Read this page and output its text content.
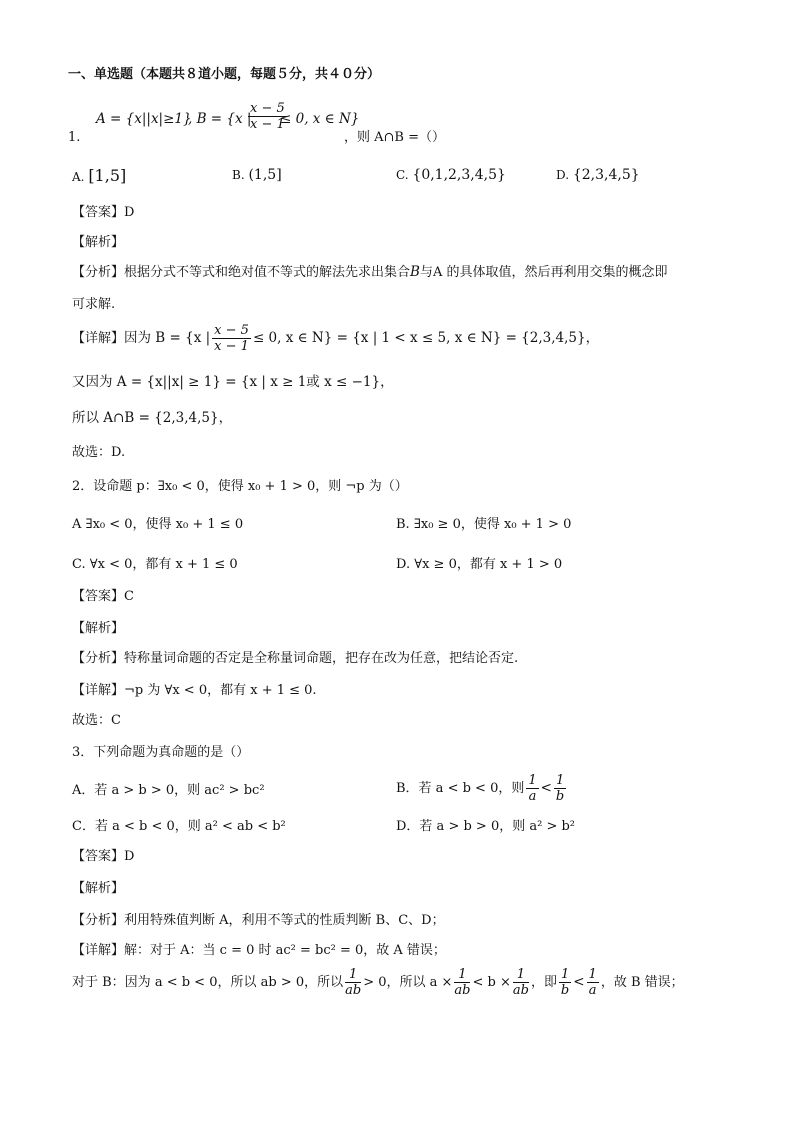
一、单选题（本题共８道小题，每题５分，共４０分）
A = {x||x|≥1}
, B = {x |
$\frac{x - 5}{x - 1}$
≤ 0, x ∈ N}
1.	，则 A∩B =（）
A. [1,5]	B. (1,5]	C. {0,1,2,3,4,5}	D. {2,3,4,5}
【答案】D
【解析】
【分析】根据分式不等式和绝对值不等式的解法先求出集合B与A 的具体取值，然后再利用交集的概念即
可求解.
【详解】因为 B = {x | $\frac{x - 5}{x - 1} \le 0$, x ∈ N} = {x | 1 < x ≤ 5, x ∈ N} = {2,3,4,5}，
又因为 A = {x||x| ≥ 1} = {x | x ≥ 1或 x ≤ −1}，
所以 A∩B = {2,3,4,5}，
故选：D.
2．设命题 p：∃x₀ < 0，使得 x₀ + 1 > 0，则 ¬p 为（）
A ∃x₀ < 0，使得 x₀ + 1 ≤ 0	B. ∃x₀ ≥ 0，使得 x₀ + 1 > 0
C. ∀x < 0，都有 x + 1 ≤ 0	D. ∀x ≥ 0，都有 x + 1 > 0
【答案】C
【解析】
【分析】特称量词命题的否定是全称量词命题，把存在改为任意，把结论否定.
【详解】¬p 为 ∀x < 0，都有 x + 1 ≤ 0.
故选：C
3．下列命题为真命题的是（）
A．若 a > b > 0，则 ac² > bc²	B．若 a < b < 0，则 $\frac{1}{a} < \frac{1}{b}$
C．若 a < b < 0，则 a² < ab < b²	D．若 a > b > 0，则 a² > b²
【答案】D
【解析】
【分析】利用特殊值判断 A，利用不等式的性质判断 B、C、D；
【详解】解：对于 A：当 c = 0 时 ac² = bc² = 0，故 A 错误；
对于 B：因为 a < b < 0，所以 ab > 0，所以 $\frac{1}{ab} > 0$，所以 $a \times \frac{1}{ab} < b \times \frac{1}{ab}$ ，即 $\frac{1}{b} < \frac{1}{a}$ ，故 B 错误；
